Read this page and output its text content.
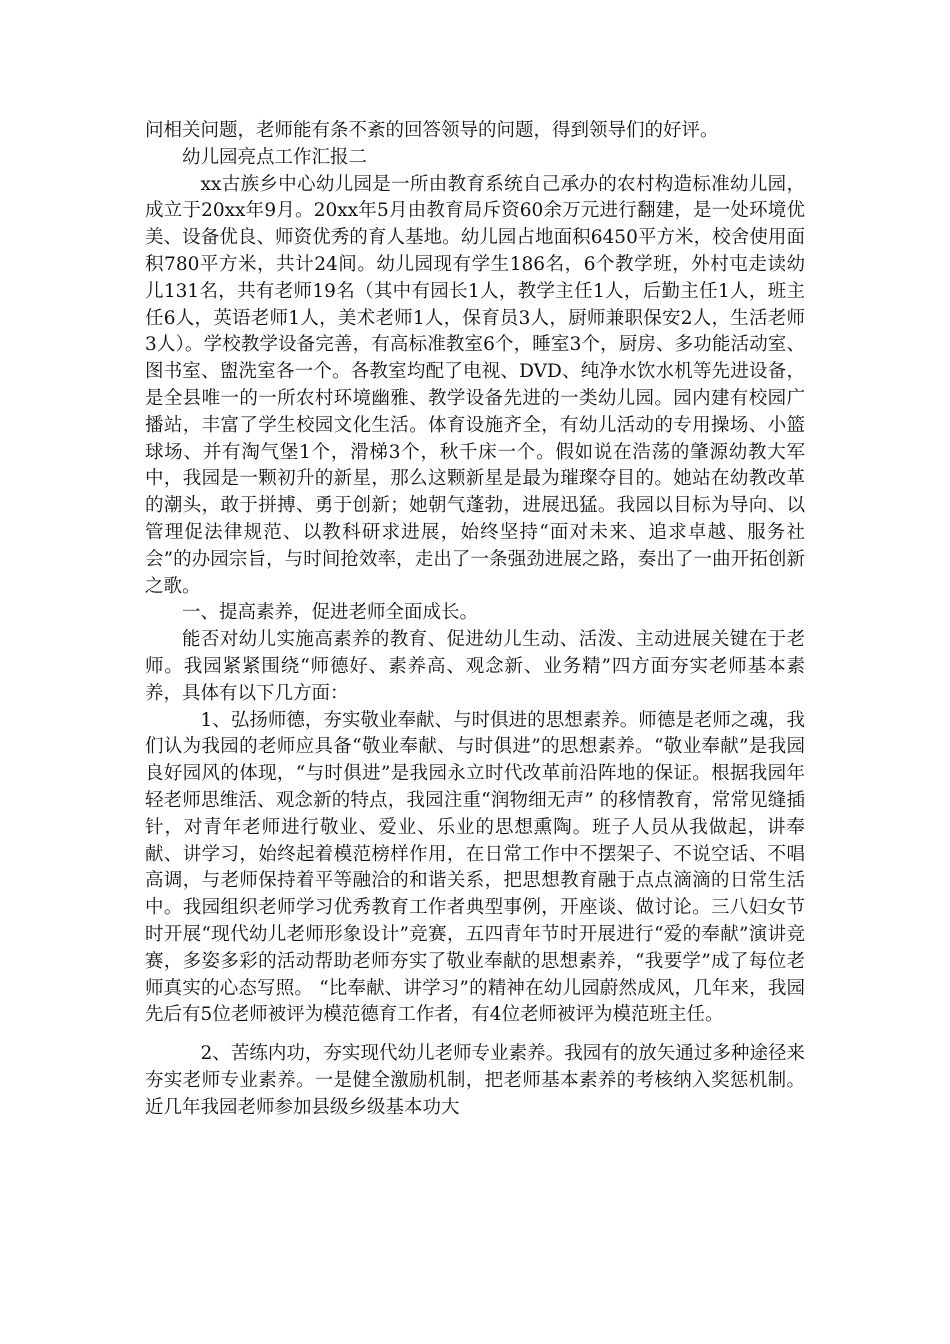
问相关问题，老师能有条不紊的回答领导的问题，得到领导们的好评。

幼儿园亮点工作汇报二

xx古族乡中心幼儿园是一所由教育系统自己承办的农村构造标准幼儿园，成立于20xx年9月。20xx年5月由教育局斥资60余万元进行翻建，是一处环境优美、设备优良、师资优秀的育人基地。幼儿园占地面积6450平方米，校舍使用面积780平方米，共计24间。幼儿园现有学生186名，6个教学班，外村屯走读幼儿131名，共有老师19名（其中有园长1人，教学主任1人，后勤主任1人，班主任6人，英语老师1人，美术老师1人，保育员3人，厨师兼职保安2人，生活老师3人）。学校教学设备完善，有高标准教室6个，睡室3个，厨房、多功能活动室、图书室、盥洗室各一个。各教室均配了电视、DVD、纯净水饮水机等先进设备，是全县唯一的一所农村环境幽雅、教学设备先进的一类幼儿园。园内建有校园广播站，丰富了学生校园文化生活。体育设施齐全，有幼儿活动的专用操场、小篮球场、并有淘气堡1个，滑梯3个，秋千床一个。假如说在浩荡的肇源幼教大军中，我园是一颗初升的新星，那么这颗新星是最为璀璨夺目的。她站在幼教改革的潮头，敢于拼搏、勇于创新；她朝气蓬勃，进展迅猛。我园以目标为导向、以管理促法律规范、以教科研求进展，始终坚持“面对未来、追求卓越、服务社会”的办园宗旨，与时间抢效率，走出了一条强劲进展之路，奏出了一曲开拓创新之歌。

一、提高素养，促进老师全面成长。

能否对幼儿实施高素养的教育、促进幼儿生动、活泼、主动进展关键在于老师。我园紧紧围绕“师德好、素养高、观念新、业务精”四方面夯实老师基本素养，具体有以下几方面：

1、弘扬师德，夯实敬业奉献、与时俱进的思想素养。师德是老师之魂，我们认为我园的老师应具备“敬业奉献、与时俱进”的思想素养。“敬业奉献”是我园良好园风的体现，“与时俱进”是我园永立时代改革前沿阵地的保证。根据我园年轻老师思维活、观念新的特点，我园注重“润物细无声” 的移情教育，常常见缝插针，对青年老师进行敬业、爱业、乐业的思想熏陶。班子人员从我做起，讲奉献、讲学习，始终起着模范榜样作用，在日常工作中不摆架子、不说空话、不唱高调，与老师保持着平等融洽的和谐关系，把思想教育融于点点滴滴的日常生活中。我园组织老师学习优秀教育工作者典型事例，开座谈、做讨论。三八妇女节时开展“现代幼儿老师形象设计”竞赛，五四青年节时开展进行“爱的奉献”演讲竞赛，多姿多彩的活动帮助老师夯实了敬业奉献的思想素养，“我要学”成了每位老师真实的心态写照。 “比奉献、讲学习”的精神在幼儿园蔚然成风，几年来，我园先后有5位老师被评为模范德育工作者，有4位老师被评为模范班主任。

2、苦练内功，夯实现代幼儿老师专业素养。我园有的放矢通过多种途径来夯实老师专业素养。一是健全激励机制，把老师基本素养的考核纳入奖惩机制。近几年我园老师参加县级乡级基本功大
